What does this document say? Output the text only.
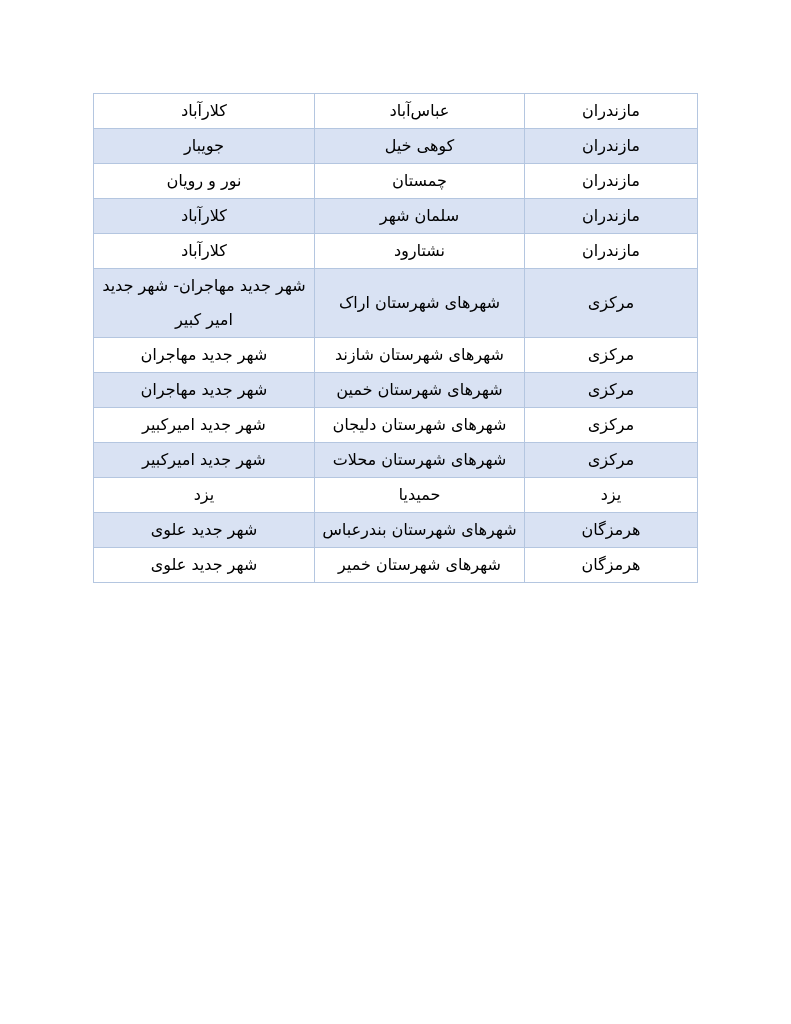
مازندران	عباس‌آباد	کلارآباد
مازندران	کوهی خیل	جویبار
مازندران	چمستان	نور و رویان
مازندران	سلمان شهر	کلارآباد
مازندران	نشتارود	کلارآباد
مرکزی	شهرهای شهرستان اراک	شهر جدید مهاجران- شهر جدید امیر کبیر
مرکزی	شهرهای شهرستان شازند	شهر جدید مهاجران
مرکزی	شهرهای شهرستان خمین	شهر جدید مهاجران
مرکزی	شهرهای شهرستان دلیجان	شهر جدید امیرکبیر
مرکزی	شهرهای شهرستان محلات	شهر جدید امیرکبیر
یزد	حمیدیا	یزد
هرمزگان	شهرهای شهرستان بندرعباس	شهر جدید علوی
هرمزگان	شهرهای شهرستان خمیر	شهر جدید علوی
